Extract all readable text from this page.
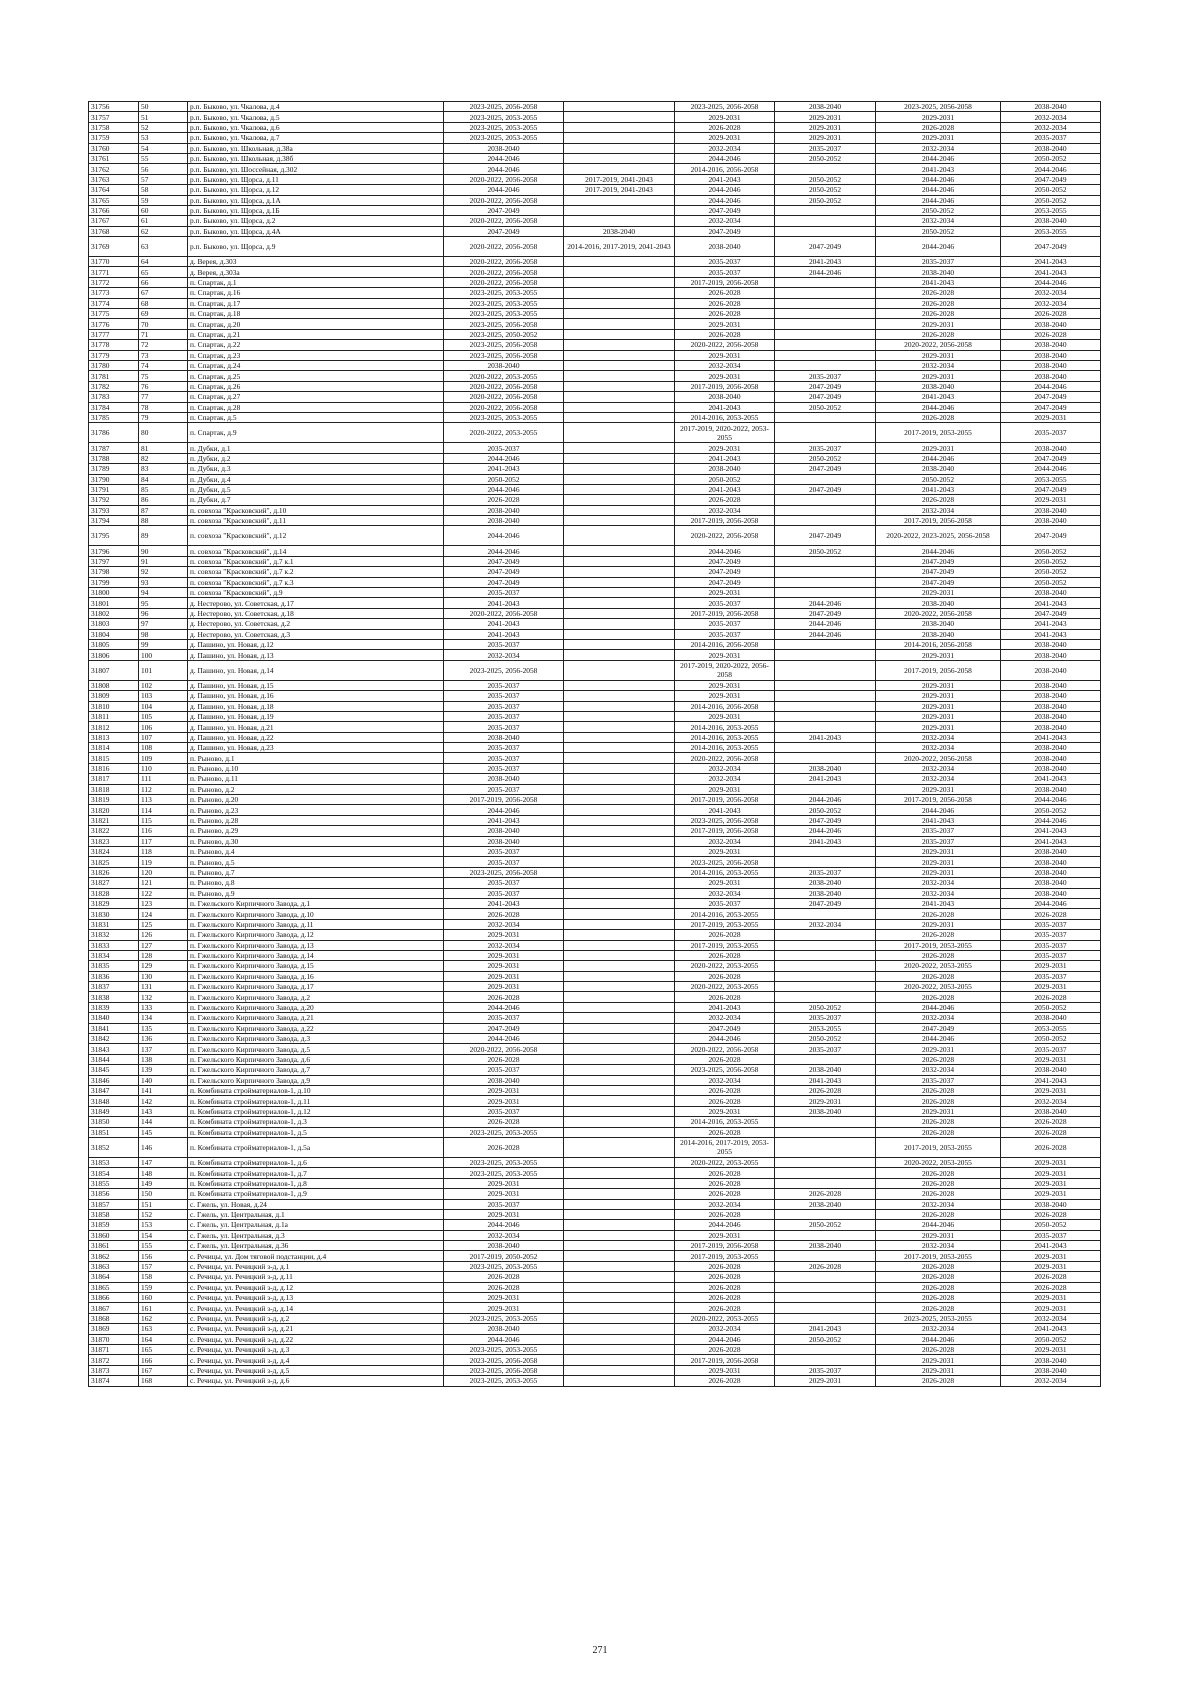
31756	50	р.п. Быково, ул. Чкалова, д.4	2023-2025, 2056-2058		2023-2025, 2056-2058	2038-2040	2023-2025, 2056-2058	2038-2040
31757	51	р.п. Быково, ул. Чкалова, д.5	2023-2025, 2053-2055		2029-2031	2029-2031	2029-2031	2032-2034
31758	52	р.п. Быково, ул. Чкалова, д.6	2023-2025, 2053-2055		2026-2028	2029-2031	2026-2028	2032-2034
31759	53	р.п. Быково, ул. Чкалова, д.7	2023-2025, 2053-2055		2029-2031	2029-2031	2029-2031	2035-2037
31760	54	р.п. Быково, ул. Школьная, д.38а	2038-2040		2032-2034	2035-2037	2032-2034	2038-2040
31761	55	р.п. Быково, ул. Школьная, д.38б	2044-2046		2044-2046	2050-2052	2044-2046	2050-2052
31762	56	р.п. Быково, ул. Шоссейная, д.302	2044-2046		2014-2016, 2056-2058		2041-2043	2044-2046
31763	57	р.п. Быково, ул. Щорса, д.11	2020-2022, 2056-2058	2017-2019, 2041-2043	2041-2043	2050-2052	2044-2046	2047-2049
31764	58	р.п. Быково, ул. Щорса, д.12	2044-2046	2017-2019, 2041-2043	2044-2046	2050-2052	2044-2046	2050-2052
31765	59	р.п. Быково, ул. Щорса, д.1А	2020-2022, 2056-2058		2044-2046	2050-2052	2044-2046	2050-2052
31766	60	р.п. Быково, ул. Щорса, д.1Б	2047-2049		2047-2049		2050-2052	2053-2055
31767	61	р.п. Быково, ул. Щорса, д.2	2020-2022, 2056-2058		2032-2034		2032-2034	2038-2040
31768	62	р.п. Быково, ул. Щорса, д.4А	2047-2049	2038-2040	2047-2049		2050-2052	2053-2055
31769	63	р.п. Быково, ул. Щорса, д.9	2020-2022, 2056-2058	2014-2016, 2017-2019, 2041-2043	2038-2040	2047-2049	2044-2046	2047-2049
31770	64	д. Верея, д.303	2020-2022, 2056-2058		2035-2037	2041-2043	2035-2037	2041-2043
31771	65	д. Верея, д.303а	2020-2022, 2056-2058		2035-2037	2044-2046	2038-2040	2041-2043
31772	66	п. Спартак, д.1	2020-2022, 2056-2058		2017-2019, 2056-2058		2041-2043	2044-2046
31773	67	п. Спартак, д.16	2023-2025, 2053-2055		2026-2028		2026-2028	2032-2034
31774	68	п. Спартак, д.17	2023-2025, 2053-2055		2026-2028		2026-2028	2032-2034
31775	69	п. Спартак, д.18	2023-2025, 2053-2055		2026-2028		2026-2028	2026-2028
31776	70	п. Спартак, д.20	2023-2025, 2056-2058		2029-2031		2029-2031	2038-2040
31777	71	п. Спартак, д.21	2023-2025, 2050-2052		2026-2028		2026-2028	2026-2028
31778	72	п. Спартак, д.22	2023-2025, 2056-2058		2020-2022, 2056-2058		2020-2022, 2056-2058	2038-2040
31779	73	п. Спартак, д.23	2023-2025, 2056-2058		2029-2031		2029-2031	2038-2040
31780	74	п. Спартак, д.24	2038-2040		2032-2034		2032-2034	2038-2040
31781	75	п. Спартак, д.25	2020-2022, 2053-2055		2029-2031	2035-2037	2029-2031	2038-2040
31782	76	п. Спартак, д.26	2020-2022, 2056-2058		2017-2019, 2056-2058	2047-2049	2038-2040	2044-2046
31783	77	п. Спартак, д.27	2020-2022, 2056-2058		2038-2040	2047-2049	2041-2043	2047-2049
31784	78	п. Спартак, д.28	2020-2022, 2056-2058		2041-2043	2050-2052	2044-2046	2047-2049
31785	79	п. Спартак, д.5	2023-2025, 2053-2055		2014-2016, 2053-2055		2026-2028	2029-2031
31786	80	п. Спартак, д.9	2020-2022, 2053-2055		2017-2019, 2020-2022, 2053-2055		2017-2019, 2053-2055	2035-2037
31787	81	п. Дубки, д.1	2035-2037		2029-2031	2035-2037	2029-2031	2038-2040
31788	82	п. Дубки, д.2	2044-2046		2041-2043	2050-2052	2044-2046	2047-2049
31789	83	п. Дубки, д.3	2041-2043		2038-2040	2047-2049	2038-2040	2044-2046
31790	84	п. Дубки, д.4	2050-2052		2050-2052		2050-2052	2053-2055
31791	85	п. Дубки, д.5	2044-2046		2041-2043	2047-2049	2041-2043	2047-2049
31792	86	п. Дубки, д.7	2026-2028		2026-2028		2026-2028	2029-2031
31793	87	п. совхоза "Красковский", д.10	2038-2040		2032-2034		2032-2034	2038-2040
31794	88	п. совхоза "Красковский", д.11	2038-2040		2017-2019, 2056-2058		2017-2019, 2056-2058	2038-2040
31795	89	п. совхоза "Красковский", д.12	2044-2046		2020-2022, 2056-2058	2047-2049	2020-2022, 2023-2025, 2056-2058	2047-2049
31796	90	п. совхоза "Красковский", д.14	2044-2046		2044-2046	2050-2052	2044-2046	2050-2052
31797	91	п. совхоза "Красковский", д.7 к.1	2047-2049		2047-2049		2047-2049	2050-2052
31798	92	п. совхоза "Красковский", д.7 к.2	2047-2049		2047-2049		2047-2049	2050-2052
31799	93	п. совхоза "Красковский", д.7 к.3	2047-2049		2047-2049		2047-2049	2050-2052
31800	94	п. совхоза "Красковский", д.9	2035-2037		2029-2031		2029-2031	2038-2040
31801	95	д. Нестерово, ул. Советская, д.17	2041-2043		2035-2037	2044-2046	2038-2040	2041-2043
31802	96	д. Нестерово, ул. Советская, д.18	2020-2022, 2056-2058		2017-2019, 2056-2058	2047-2049	2020-2022, 2056-2058	2047-2049
31803	97	д. Нестерово, ул. Советская, д.2	2041-2043		2035-2037	2044-2046	2038-2040	2041-2043
31804	98	д. Нестерово, ул. Советская, д.3	2041-2043		2035-2037	2044-2046	2038-2040	2041-2043
31805	99	д. Пашино, ул. Новая, д.12	2035-2037		2014-2016, 2056-2058		2014-2016, 2056-2058	2038-2040
31806	100	д. Пашино, ул. Новая, д.13	2032-2034		2029-2031		2029-2031	2038-2040
31807	101	д. Пашино, ул. Новая, д.14	2023-2025, 2056-2058		2017-2019, 2020-2022, 2056-2058		2017-2019, 2056-2058	2038-2040
31808	102	д. Пашино, ул. Новая, д.15	2035-2037		2029-2031		2029-2031	2038-2040
31809	103	д. Пашино, ул. Новая, д.16	2035-2037		2029-2031		2029-2031	2038-2040
31810	104	д. Пашино, ул. Новая, д.18	2035-2037		2014-2016, 2056-2058		2029-2031	2038-2040
31811	105	д. Пашино, ул. Новая, д.19	2035-2037		2029-2031		2029-2031	2038-2040
31812	106	д. Пашино, ул. Новая, д.21	2035-2037		2014-2016, 2053-2055		2029-2031	2038-2040
31813	107	д. Пашино, ул. Новая, д.22	2038-2040		2014-2016, 2053-2055	2041-2043	2032-2034	2041-2043
31814	108	д. Пашино, ул. Новая, д.23	2035-2037		2014-2016, 2053-2055		2032-2034	2038-2040
31815	109	п. Рыново, д.1	2035-2037		2020-2022, 2056-2058		2020-2022, 2056-2058	2038-2040
31816	110	п. Рыново, д.10	2035-2037		2032-2034	2038-2040	2032-2034	2038-2040
31817	111	п. Рыново, д.11	2038-2040		2032-2034	2041-2043	2032-2034	2041-2043
31818	112	п. Рыново, д.2	2035-2037		2029-2031		2029-2031	2038-2040
31819	113	п. Рыново, д.20	2017-2019, 2056-2058		2017-2019, 2056-2058	2044-2046	2017-2019, 2056-2058	2044-2046
31820	114	п. Рыново, д.23	2044-2046		2041-2043	2050-2052	2044-2046	2050-2052
31821	115	п. Рыново, д.28	2041-2043		2023-2025, 2056-2058	2047-2049	2041-2043	2044-2046
31822	116	п. Рыново, д.29	2038-2040		2017-2019, 2056-2058	2044-2046	2035-2037	2041-2043
31823	117	п. Рыново, д.30	2038-2040		2032-2034	2041-2043	2035-2037	2041-2043
31824	118	п. Рыново, д.4	2035-2037		2029-2031		2029-2031	2038-2040
31825	119	п. Рыново, д.5	2035-2037		2023-2025, 2056-2058		2029-2031	2038-2040
31826	120	п. Рыново, д.7	2023-2025, 2056-2058		2014-2016, 2053-2055	2035-2037	2029-2031	2038-2040
31827	121	п. Рыново, д.8	2035-2037		2029-2031	2038-2040	2032-2034	2038-2040
31828	122	п. Рыново, д.9	2035-2037		2032-2034	2038-2040	2032-2034	2038-2040
31829	123	п. Гжельского Кирпичного Завода, д.1	2041-2043		2035-2037	2047-2049	2041-2043	2044-2046
31830	124	п. Гжельского Кирпичного Завода, д.10	2026-2028		2014-2016, 2053-2055		2026-2028	2026-2028
31831	125	п. Гжельского Кирпичного Завода, д.11	2032-2034		2017-2019, 2053-2055	2032-2034	2029-2031	2035-2037
31832	126	п. Гжельского Кирпичного Завода, д.12	2029-2031		2026-2028		2026-2028	2035-2037
31833	127	п. Гжельского Кирпичного Завода, д.13	2032-2034		2017-2019, 2053-2055		2017-2019, 2053-2055	2035-2037
31834	128	п. Гжельского Кирпичного Завода, д.14	2029-2031		2026-2028		2026-2028	2035-2037
31835	129	п. Гжельского Кирпичного Завода, д.15	2029-2031		2020-2022, 2053-2055		2020-2022, 2053-2055	2029-2031
31836	130	п. Гжельского Кирпичного Завода, д.16	2029-2031		2026-2028		2026-2028	2035-2037
31837	131	п. Гжельского Кирпичного Завода, д.17	2029-2031		2020-2022, 2053-2055		2020-2022, 2053-2055	2029-2031
31838	132	п. Гжельского Кирпичного Завода, д.2	2026-2028		2026-2028		2026-2028	2026-2028
31839	133	п. Гжельского Кирпичного Завода, д.20	2044-2046		2041-2043	2050-2052	2044-2046	2050-2052
31840	134	п. Гжельского Кирпичного Завода, д.21	2035-2037		2032-2034	2035-2037	2032-2034	2038-2040
31841	135	п. Гжельского Кирпичного Завода, д.22	2047-2049		2047-2049	2053-2055	2047-2049	2053-2055
31842	136	п. Гжельского Кирпичного Завода, д.3	2044-2046		2044-2046	2050-2052	2044-2046	2050-2052
31843	137	п. Гжельского Кирпичного Завода, д.5	2020-2022, 2056-2058		2020-2022, 2056-2058	2035-2037	2029-2031	2035-2037
31844	138	п. Гжельского Кирпичного Завода, д.6	2026-2028		2026-2028		2026-2028	2029-2031
31845	139	п. Гжельского Кирпичного Завода, д.7	2035-2037		2023-2025, 2056-2058	2038-2040	2032-2034	2038-2040
31846	140	п. Гжельского Кирпичного Завода, д.9	2038-2040		2032-2034	2041-2043	2035-2037	2041-2043
31847	141	п. Комбината стройматериалов-1, д.10	2029-2031		2026-2028	2026-2028	2026-2028	2029-2031
31848	142	п. Комбината стройматериалов-1, д.11	2029-2031		2026-2028	2029-2031	2026-2028	2032-2034
31849	143	п. Комбината стройматериалов-1, д.12	2035-2037		2029-2031	2038-2040	2029-2031	2038-2040
31850	144	п. Комбината стройматериалов-1, д.3	2026-2028		2014-2016, 2053-2055		2026-2028	2026-2028
31851	145	п. Комбината стройматериалов-1, д.5	2023-2025, 2053-2055		2026-2028		2026-2028	2026-2028
31852	146	п. Комбината стройматериалов-1, д.5а	2026-2028		2014-2016, 2017-2019, 2053-2055		2017-2019, 2053-2055	2026-2028
31853	147	п. Комбината стройматериалов-1, д.6	2023-2025, 2053-2055		2020-2022, 2053-2055		2020-2022, 2053-2055	2029-2031
31854	148	п. Комбината стройматериалов-1, д.7	2023-2025, 2053-2055		2026-2028		2026-2028	2029-2031
31855	149	п. Комбината стройматериалов-1, д.8	2029-2031		2026-2028		2026-2028	2029-2031
31856	150	п. Комбината стройматериалов-1, д.9	2029-2031		2026-2028	2026-2028	2026-2028	2029-2031
31857	151	с. Гжель, ул. Новая, д.24	2035-2037		2032-2034	2038-2040	2032-2034	2038-2040
31858	152	с. Гжель, ул. Центральная, д.1	2029-2031		2026-2028		2026-2028	2026-2028
31859	153	с. Гжель, ул. Центральная, д.1а	2044-2046		2044-2046	2050-2052	2044-2046	2050-2052
31860	154	с. Гжель, ул. Центральная, д.3	2032-2034		2029-2031		2029-2031	2035-2037
31861	155	с. Гжель, ул. Центральная, д.36	2038-2040		2017-2019, 2056-2058	2038-2040	2032-2034	2041-2043
31862	156	с. Речицы, ул. Дом тяговой подстанции, д.4	2017-2019, 2050-2052		2017-2019, 2053-2055		2017-2019, 2053-2055	2029-2031
31863	157	с. Речицы, ул. Речицкий з-д, д.1	2023-2025, 2053-2055		2026-2028	2026-2028	2026-2028	2029-2031
31864	158	с. Речицы, ул. Речицкий з-д, д.11	2026-2028		2026-2028		2026-2028	2026-2028
31865	159	с. Речицы, ул. Речицкий з-д, д.12	2026-2028		2026-2028		2026-2028	2026-2028
31866	160	с. Речицы, ул. Речицкий з-д, д.13	2029-2031		2026-2028		2026-2028	2029-2031
31867	161	с. Речицы, ул. Речицкий з-д, д.14	2029-2031		2026-2028		2026-2028	2029-2031
31868	162	с. Речицы, ул. Речицкий з-д, д.2	2023-2025, 2053-2055		2020-2022, 2053-2055		2023-2025, 2053-2055	2032-2034
31869	163	с. Речицы, ул. Речицкий з-д, д.21	2038-2040		2032-2034	2041-2043	2032-2034	2041-2043
31870	164	с. Речицы, ул. Речицкий з-д, д.22	2044-2046		2044-2046	2050-2052	2044-2046	2050-2052
31871	165	с. Речицы, ул. Речицкий з-д, д.3	2023-2025, 2053-2055		2026-2028		2026-2028	2029-2031
31872	166	с. Речицы, ул. Речицкий з-д, д.4	2023-2025, 2056-2058		2017-2019, 2056-2058		2029-2031	2038-2040
31873	167	с. Речицы, ул. Речицкий з-д, д.5	2023-2025, 2056-2058		2029-2031	2035-2037	2029-2031	2038-2040
31874	168	с. Речицы, ул. Речицкий з-д, д.6	2023-2025, 2053-2055		2026-2028	2029-2031	2026-2028	2032-2034
271
